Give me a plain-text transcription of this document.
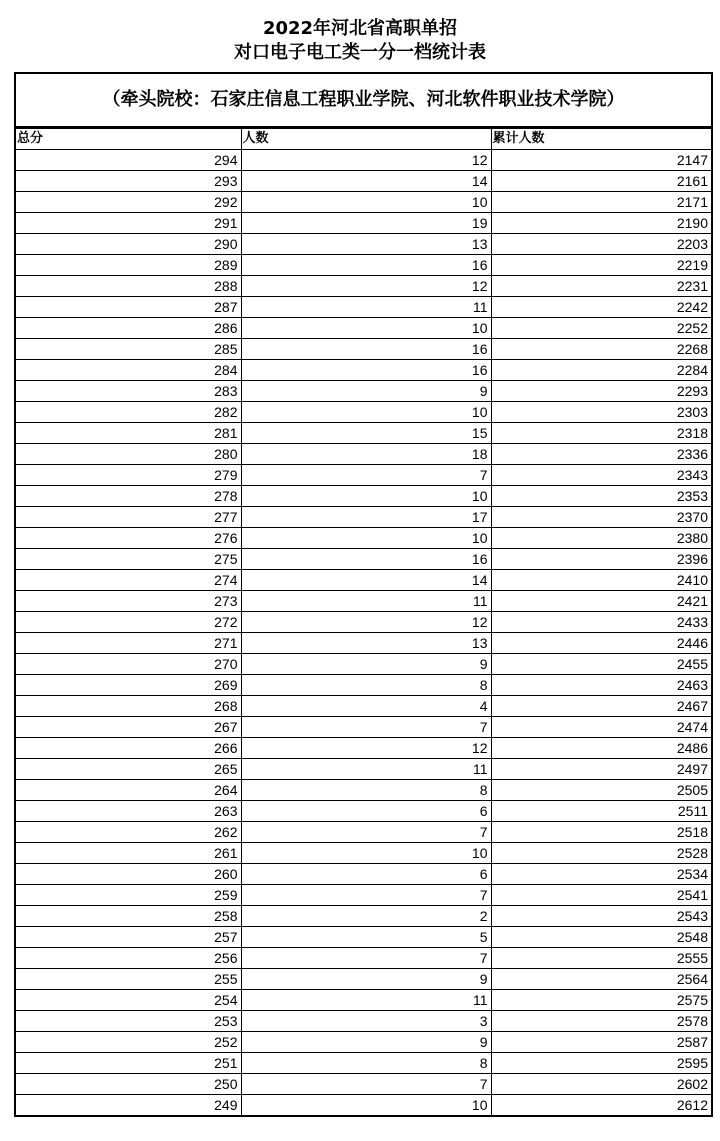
2022年河北省高职单招
对口电子电工类一分一档统计表
（牵头院校：石家庄信息工程职业学院、河北软件职业技术学院）
总分	人数	累计人数
294	12	2147
293	14	2161
292	10	2171
291	19	2190
290	13	2203
289	16	2219
288	12	2231
287	11	2242
286	10	2252
285	16	2268
284	16	2284
283	9	2293
282	10	2303
281	15	2318
280	18	2336
279	7	2343
278	10	2353
277	17	2370
276	10	2380
275	16	2396
274	14	2410
273	11	2421
272	12	2433
271	13	2446
270	9	2455
269	8	2463
268	4	2467
267	7	2474
266	12	2486
265	11	2497
264	8	2505
263	6	2511
262	7	2518
261	10	2528
260	6	2534
259	7	2541
258	2	2543
257	5	2548
256	7	2555
255	9	2564
254	11	2575
253	3	2578
252	9	2587
251	8	2595
250	7	2602
249	10	2612
